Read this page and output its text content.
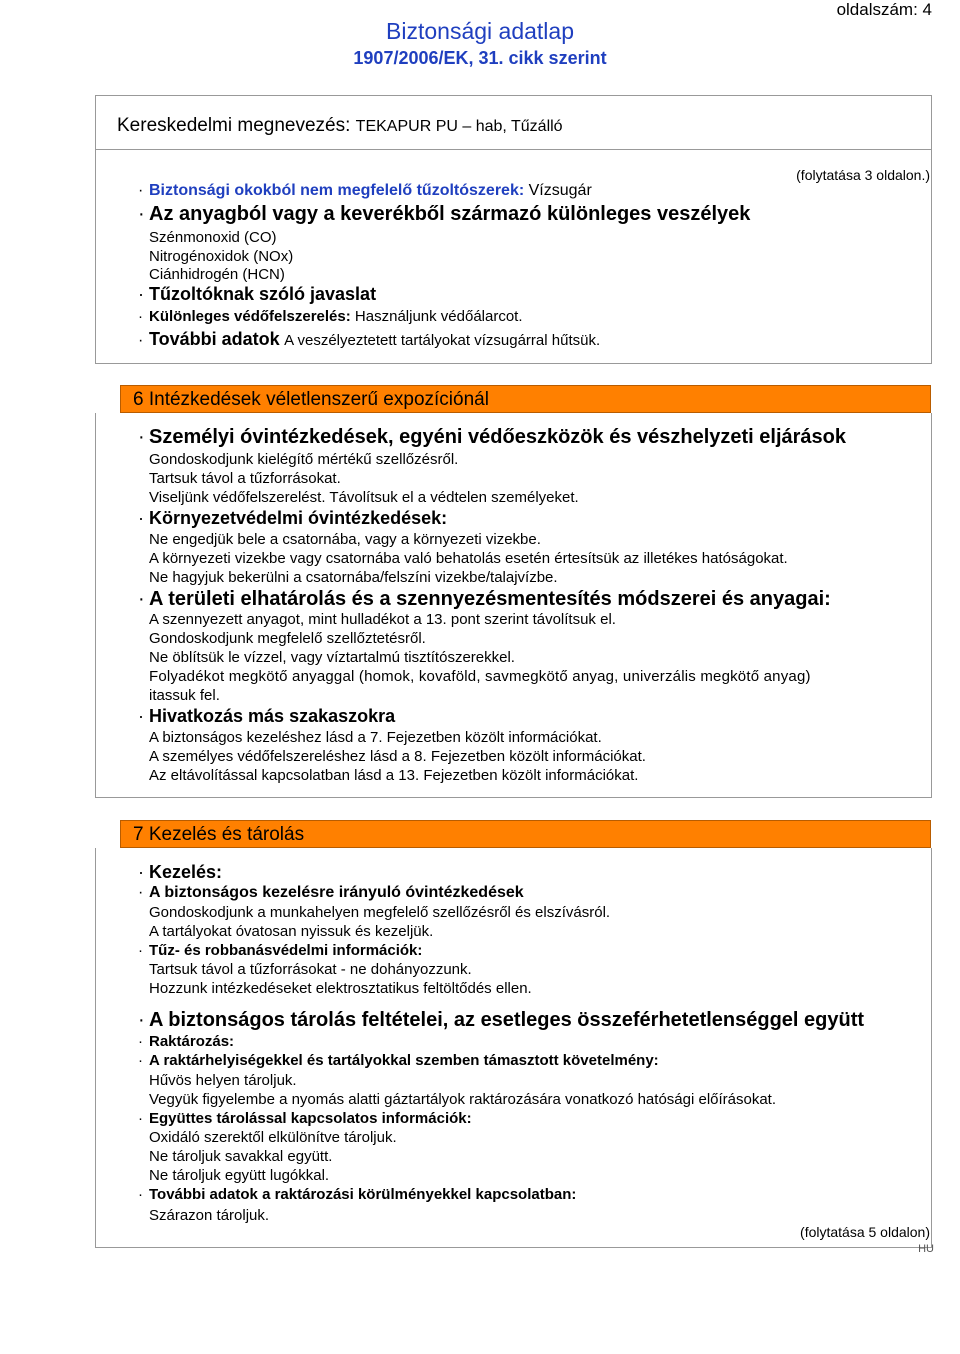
oldalszám: 4
Biztonsági adatlap
1907/2006/EK, 31. cikk szerint
Kereskedelmi megnevezés: TEKAPUR PU – hab, Tűzálló
(folytatása 3 oldalon.)
· Biztonsági okokból nem megfelelő tűzoltószerek: Vízsugár
· Az anyagból vagy a keverékből származó különleges veszélyek
Szénmonoxid (CO)
Nitrogénoxidok (NOx)
Ciánhidrogén (HCN)
· Tűzoltóknak szóló javaslat
· Különleges védőfelszerelés: Használjunk védőálarcot.
· További adatok A veszélyeztetett tartályokat vízsugárral hűtsük.
6 Intézkedések véletlenszerű expozíciónál
· Személyi óvintézkedések, egyéni védőeszközök és vészhelyzeti eljárások
Gondoskodjunk kielégítő mértékű szellőzésről.
Tartsuk távol a tűzforrásokat.
Viseljünk védőfelszerelést. Távolítsuk el a védtelen személyeket.
· Környezetvédelmi óvintézkedések:
Ne engedjük bele a csatornába, vagy a környezeti vizekbe.
A környezeti vizekbe vagy csatornába való behatolás esetén értesítsük az illetékes hatóságokat.
Ne hagyjuk bekerülni a csatornába/felszíni vizekbe/talajvízbe.
· A területi elhatárolás és a szennyezésmentesítés módszerei és anyagai:
A szennyezett anyagot, mint hulladékot a 13. pont szerint távolítsuk el.
Gondoskodjunk megfelelő szellőztetésről.
Ne öblítsük le vízzel, vagy víztartalmú tisztítószerekkel.
Folyadékot megkötő anyaggal (homok, kovaföld, savmegkötő anyag, univerzális megkötő anyag)
itassuk fel.
· Hivatkozás más szakaszokra
A biztonságos kezeléshez lásd a 7. Fejezetben közölt információkat.
A személyes védőfelszereléshez lásd a 8. Fejezetben közölt információkat.
Az eltávolítással kapcsolatban lásd a 13. Fejezetben közölt információkat.
7 Kezelés és tárolás
· Kezelés:
· A biztonságos kezelésre irányuló óvintézkedések
Gondoskodjunk a munkahelyen megfelelő szellőzésről és elszívásról.
A tartályokat óvatosan nyissuk és kezeljük.
· Tűz- és robbanásvédelmi információk:
Tartsuk távol a tűzforrásokat - ne dohányozzunk.
Hozzunk intézkedéseket elektrosztatikus feltöltődés ellen.
· A biztonságos tárolás feltételei, az esetleges összeférhetetlenséggel együtt
· Raktározás:
· A raktárhelyiségekkel és tartályokkal szemben támasztott követelmény:
Hűvös helyen tároljuk.
Vegyük figyelembe a nyomás alatti gáztartályok raktározására vonatkozó hatósági előírásokat.
· Együttes tárolással kapcsolatos információk:
Oxidáló szerektől elkülönítve tároljuk.
Ne tároljuk savakkal együtt.
Ne tároljuk együtt lugókkal.
· További adatok a raktározási körülményekkel kapcsolatban:
Szárazon tároljuk.
(folytatása 5 oldalon)
HU
